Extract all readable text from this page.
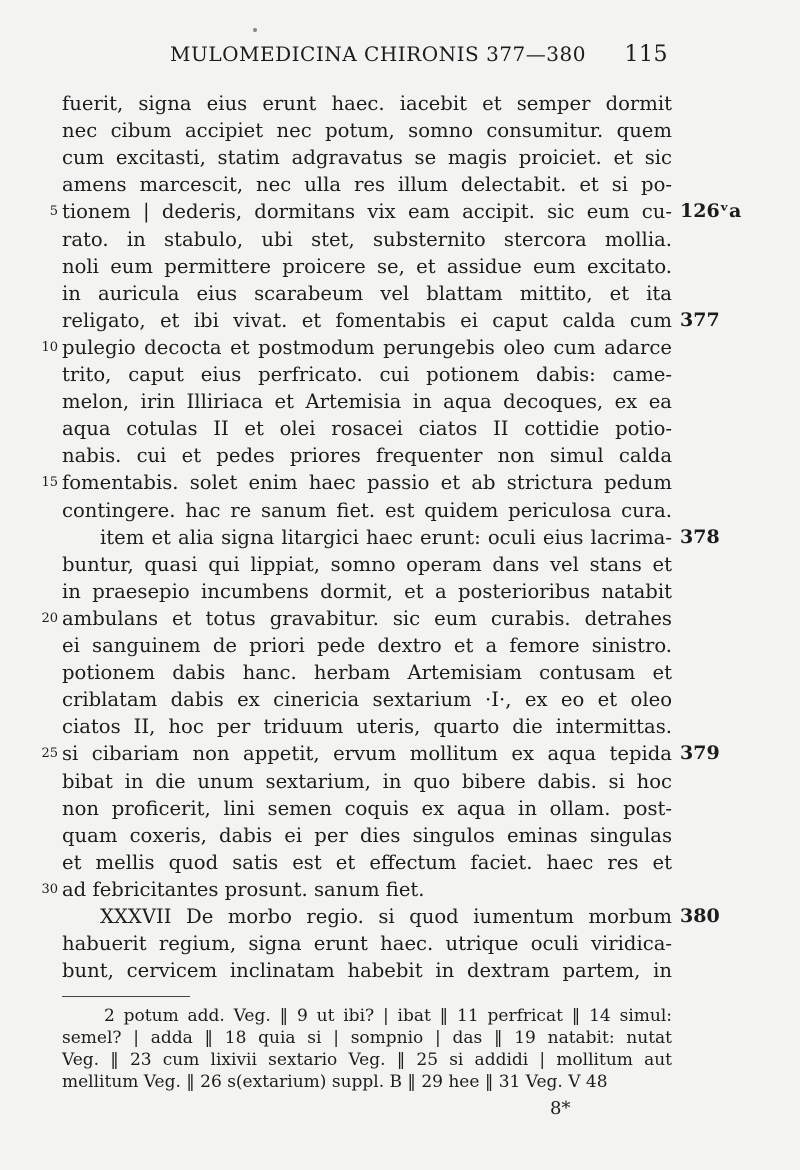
MULOMEDICINA CHIRONIS 377—380 115
fuerit, signa eius erunt haec. iacebit et semper dormit
nec cibum accipiet nec potum, somno consumitur. quem
cum excitasti, statim adgravatus se magis proiciet. et sic
amens marcescit, nec ulla res illum delectabit. et si po-
tionem | dederis, dormitans vix eam accipit. sic eum cu-
5	126ᵛa
rato. in stabulo, ubi stet, substernito stercora mollia.
noli eum permittere proicere se, et assidue eum excitato.
in auricula eius scarabeum vel blattam mittito, et ita
religato, et ibi vivat. et fomentabis ei caput calda cum 377
pulegio decocta et postmodum perungebis oleo cum adarce
10
trito, caput eius perfricato. cui potionem dabis: came-
melon, irin Illiriaca et Artemisia in aqua decoques, ex ea
aqua cotulas II et olei rosacei ciatos II cottidie potio-
nabis. cui et pedes priores frequenter non simul calda
fomentabis. solet enim haec passio et ab strictura pedum
15
contingere. hac re sanum fiet. est quidem periculosa cura.
item et alia signa litargici haec erunt: oculi eius lacrima- 378
buntur, quasi qui lippiat, somno operam dans vel stans et
in praesepio incumbens dormit, et a posterioribus natabit
ambulans et totus gravabitur. sic eum curabis. detrahes
20
ei sanguinem de priori pede dextro et a femore sinistro.
potionem dabis hanc. herbam Artemisiam contusam et
criblatam dabis ex cinericia sextarium ·I·, ex eo et oleo
ciatos II, hoc per triduum uteris, quarto die intermittas.
si cibariam non appetit, ervum mollitum ex aqua tepida
25	379
bibat in die unum sextarium, in quo bibere dabis. si hoc
non proficerit, lini semen coquis ex aqua in ollam. post-
quam coxeris, dabis ei per dies singulos eminas singulas
et mellis quod satis est et effectum faciet. haec res et
ad febricitantes prosunt. sanum fiet.
30
XXXVII De morbo regio. si quod iumentum morbum 380
habuerit regium, signa erunt haec. utrique oculi viridica-
bunt, cervicem inclinatam habebit in dextram partem, in
2 potum add. Veg. ‖ 9 ut ibi? | ibat ‖ 11 perfricat ‖ 14 simul:
semel? | adda ‖ 18 quia si | sompnio | das ‖ 19 natabit: nutat
Veg. ‖ 23 cum lixivii sextario Veg. ‖ 25 si addidi | mollitum aut
mellitum Veg. ‖ 26 s(extarium) suppl. B ‖ 29 hee ‖ 31 Veg. V 48
8*
